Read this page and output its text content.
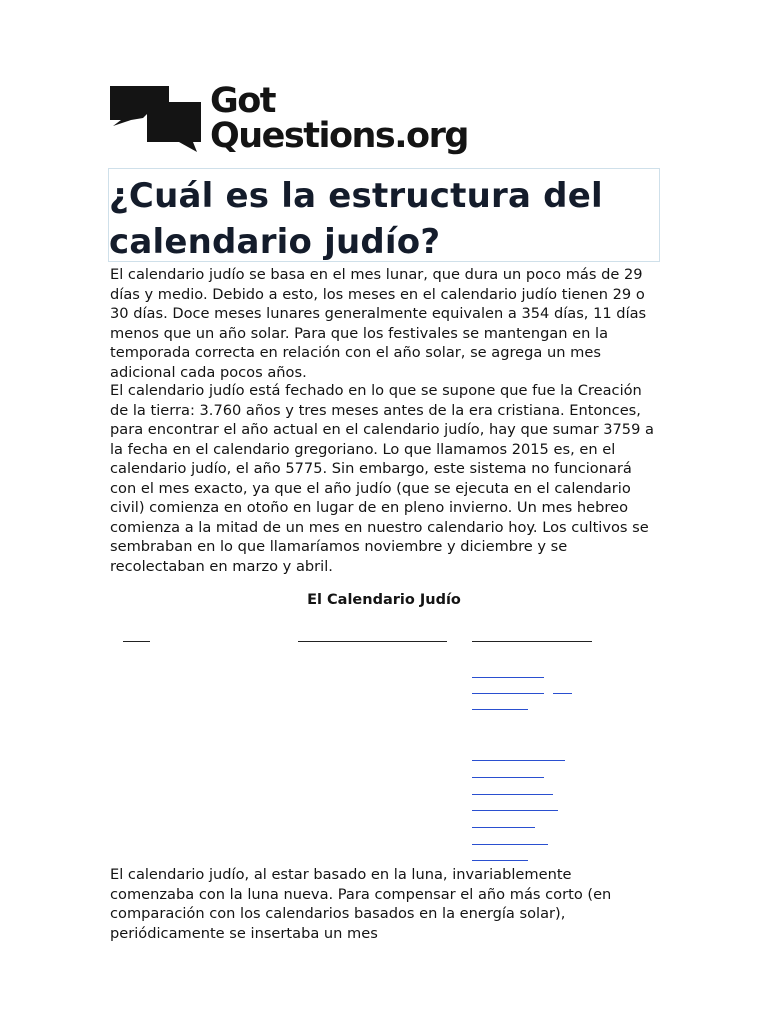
Got
Questions.org
¿Cuál es la estructura del calendario judío?

El calendario judío se basa en el mes lunar, que dura un poco más de 29 días y medio. Debido a esto, los meses en el calendario judío tienen 29 o 30 días. Doce meses lunares generalmente equivalen a 354 días, 11 días menos que un año solar. Para que los festivales se mantengan en la temporada correcta en relación con el año solar, se agrega un mes adicional cada pocos años.

El calendario judío está fechado en lo que se supone que fue la Creación de la tierra: 3.760 años y tres meses antes de la era cristiana. Entonces, para encontrar el año actual en el calendario judío, hay que sumar 3759 a la fecha en el calendario gregoriano. Lo que llamamos 2015 es, en el calendario judío, el año 5775. Sin embargo, este sistema no funcionará con el mes exacto, ya que el año judío (que se ejecuta en el calendario civil) comienza en otoño en lugar de en pleno invierno. Un mes hebreo comienza a la mitad de un mes en nuestro calendario hoy. Los cultivos se sembraban en lo que llamaríamos noviembre y diciembre y se recolectaban en marzo y abril.

El Calendario Judío

El calendario judío, al estar basado en la luna, invariablemente comenzaba con la luna nueva. Para compensar el año más corto (en comparación con los calendarios basados en la energía solar), periódicamente se insertaba un mes
